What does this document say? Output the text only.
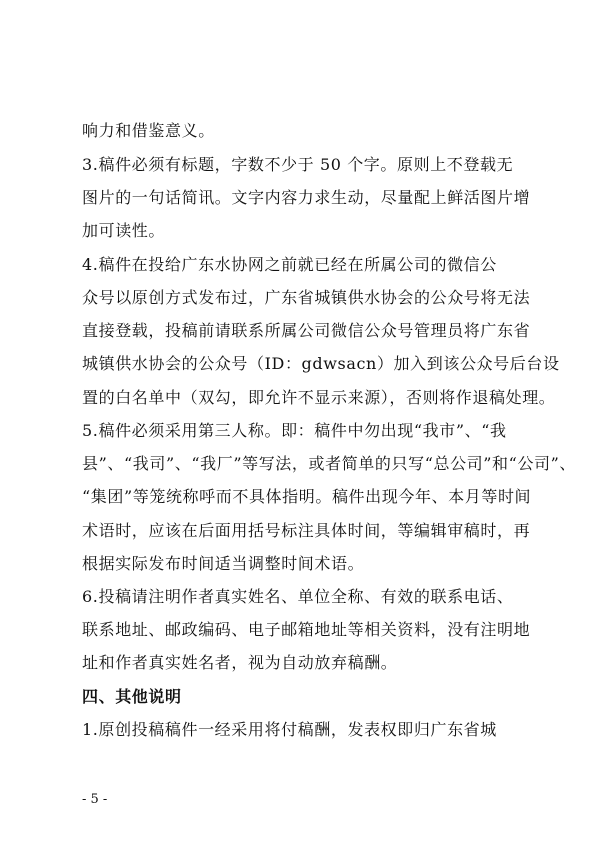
响力和借鉴意义。
3.稿件必须有标题，字数不少于 50 个字。原则上不登载无
图片的一句话简讯。文字内容力求生动，尽量配上鲜活图片增
加可读性。
4.稿件在投给广东水协网之前就已经在所属公司的微信公
众号以原创方式发布过，广东省城镇供水协会的公众号将无法
直接登载，投稿前请联系所属公司微信公众号管理员将广东省
城镇供水协会的公众号（ID：gdwsacn）加入到该公众号后台设
置的白名单中（双勾，即允许不显示来源），否则将作退稿处理。
5.稿件必须采用第三人称。即：稿件中勿出现“我市”、“我
县”、“我司”、“我厂”等写法，或者简单的只写“总公司”和“公司”、
“集团”等笼统称呼而不具体指明。稿件出现今年、本月等时间
术语时，应该在后面用括号标注具体时间，等编辑审稿时，再
根据实际发布时间适当调整时间术语。
6.投稿请注明作者真实姓名、单位全称、有效的联系电话、
联系地址、邮政编码、电子邮箱地址等相关资料，没有注明地
址和作者真实姓名者，视为自动放弃稿酬。
四、其他说明
1.原创投稿稿件一经采用将付稿酬，发表权即归广东省城
- 5 -
